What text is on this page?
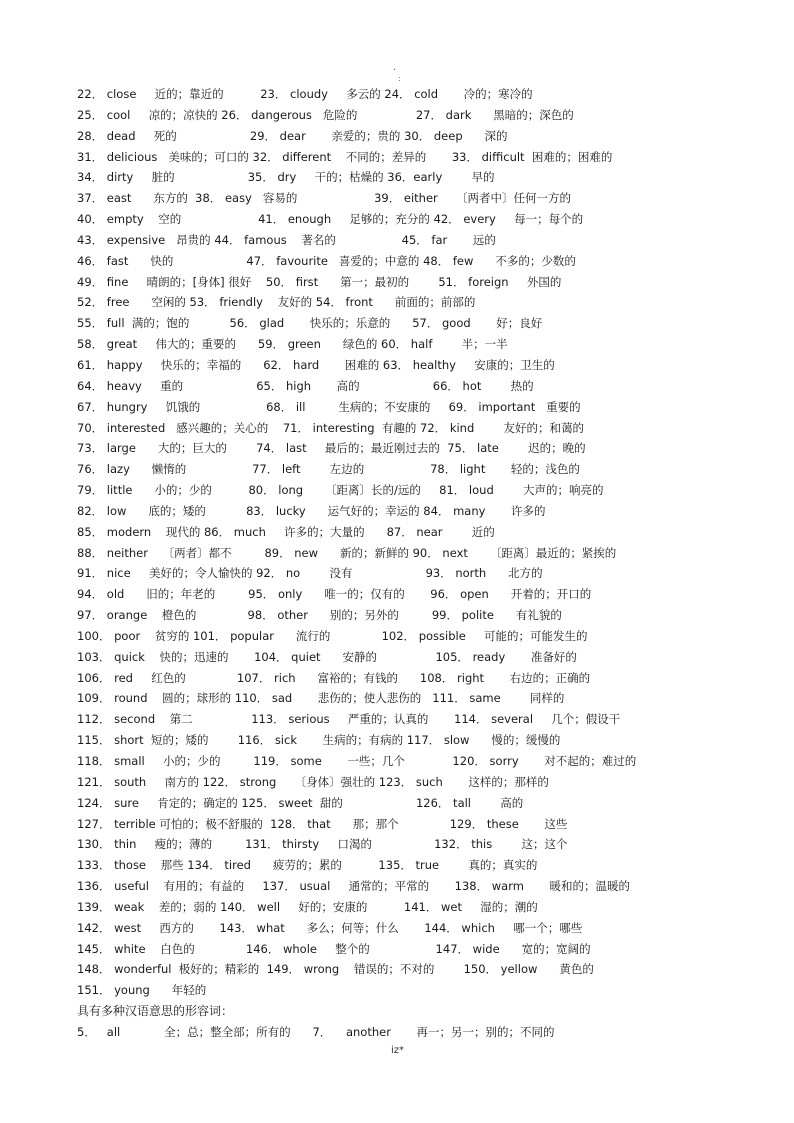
.
:
22． close     近的；靠近的          23． cloudy     多云的 24． cold       冷的；寒冷的
25． cool     凉的；凉快的 26． dangerous   危险的                27． dark      黑暗的；深色的
28． dead     死的                    29． dear       亲爱的；贵的 30． deep      深的
31． delicious   美味的；可口的 32． different    不同的；差异的       33． difficult  困难的；困难的
34． dirty     脏的                    35． dry     干的；枯燥的 36．early        早的
37． east      东方的  38． easy   容易的                     39． either     〔两者中〕任何一方的
40． empty    空的                     41． enough     足够的；充分的 42． every     每一；每个的
43． expensive   昂贵的 44． famous    著名的                  45． far       远的
46． fast      快的                    47． favourite   喜爱的；中意的 48． few      不多的；少数的
49． fine     晴朗的；[身体] 很好    50． first      第一；最初的        51． foreign     外国的
52． free      空闲的 53． friendly    友好的 54． front      前面的；前部的
55． full  满的；饱的           56． glad       快乐的；乐意的      57． good       好；良好
58． great     伟大的；重要的      59． green      绿色的 60． half        半；一半
61． happy     快乐的；幸福的      62． hard       困难的 63． healthy     安康的；卫生的
64． heavy     重的                    65． high       高的                    66． hot        热的
67． hungry     饥饿的                  68． ill         生病的；不安康的     69． important   重要的
70． interested   感兴趣的；关心的    71． interesting  有趣的 72． kind        友好的；和蔼的
73． large      大的；巨大的        74． last     最后的；最近刚过去的  75． late        迟的；晚的
76． lazy      懒惰的                  77． left        左边的                  78． light       轻的；浅色的
79． little      小的；少的          80． long      〔距离〕长的/远的     81． loud        大声的；响亮的
82． low      底的；矮的           83． lucky      运气好的；幸运的 84． many       许多的
85． modern    现代的 86． much     许多的；大量的      87． near        近的
88． neither    〔两者〕都不         89． new      新的；新鲜的 90． next      〔距离〕最近的；紧挨的
91． nice     美好的；令人愉快的 92． no        没有                    93． north      北方的
94． old      旧的；年老的         95． only      唯一的；仅有的       96． open      开着的；开口的
97． orange    橙色的              98． other      别的；另外的         99． polite      有礼貌的
100． poor    贫穷的 101． popular      流行的              102． possible     可能的；可能发生的
103． quick    快的；迅速的       104． quiet      安静的                105． ready       准备好的
106． red     红色的              107． rich      富裕的；有钱的      108． right       右边的；正确的
109． round    圆的；球形的 110． sad       悲伤的；使人悲伤的   111． same        同样的
112． second    第二                113． serious     严重的；认真的       114． several     几个；假设干
115． short  短的；矮的        116． sick       生病的；有病的 117． slow      慢的；缓慢的
118． small     小的；少的         119． some       一些；几个             120． sorry       对不起的；难过的
121． south     南方的 122． strong     〔身体〕强壮的 123． such       这样的；那样的
124． sure     肯定的；确定的 125． sweet  甜的                    126． tall        高的
127． terrible 可怕的；极不舒服的  128． that      那；那个              129． these       这些
130． thin     瘦的；薄的         131． thirsty     口渴的                 132． this        这；这个
133． those    那些 134． tired      疲劳的；累的          135． true        真的；真实的
136． useful    有用的；有益的     137． usual     通常的；平常的       138． warm       暖和的；温暖的
139． weak    差的；弱的 140． well     好的；安康的          141． wet     湿的；潮的
142． west     西方的       143． what      多么；何等；什么       144． which     哪一个；哪些
145． white    白色的              146． whole     整个的                  147． wide      宽的；宽阔的
148． wonderful  极好的；精彩的  149． wrong    错误的；不对的        150． yellow      黄色的
151． young      年轻的
具有多种汉语意思的形容词：
5．   all            全；总；整全部；所有的      7．    another       再一；另一；别的；不同的
iz*
